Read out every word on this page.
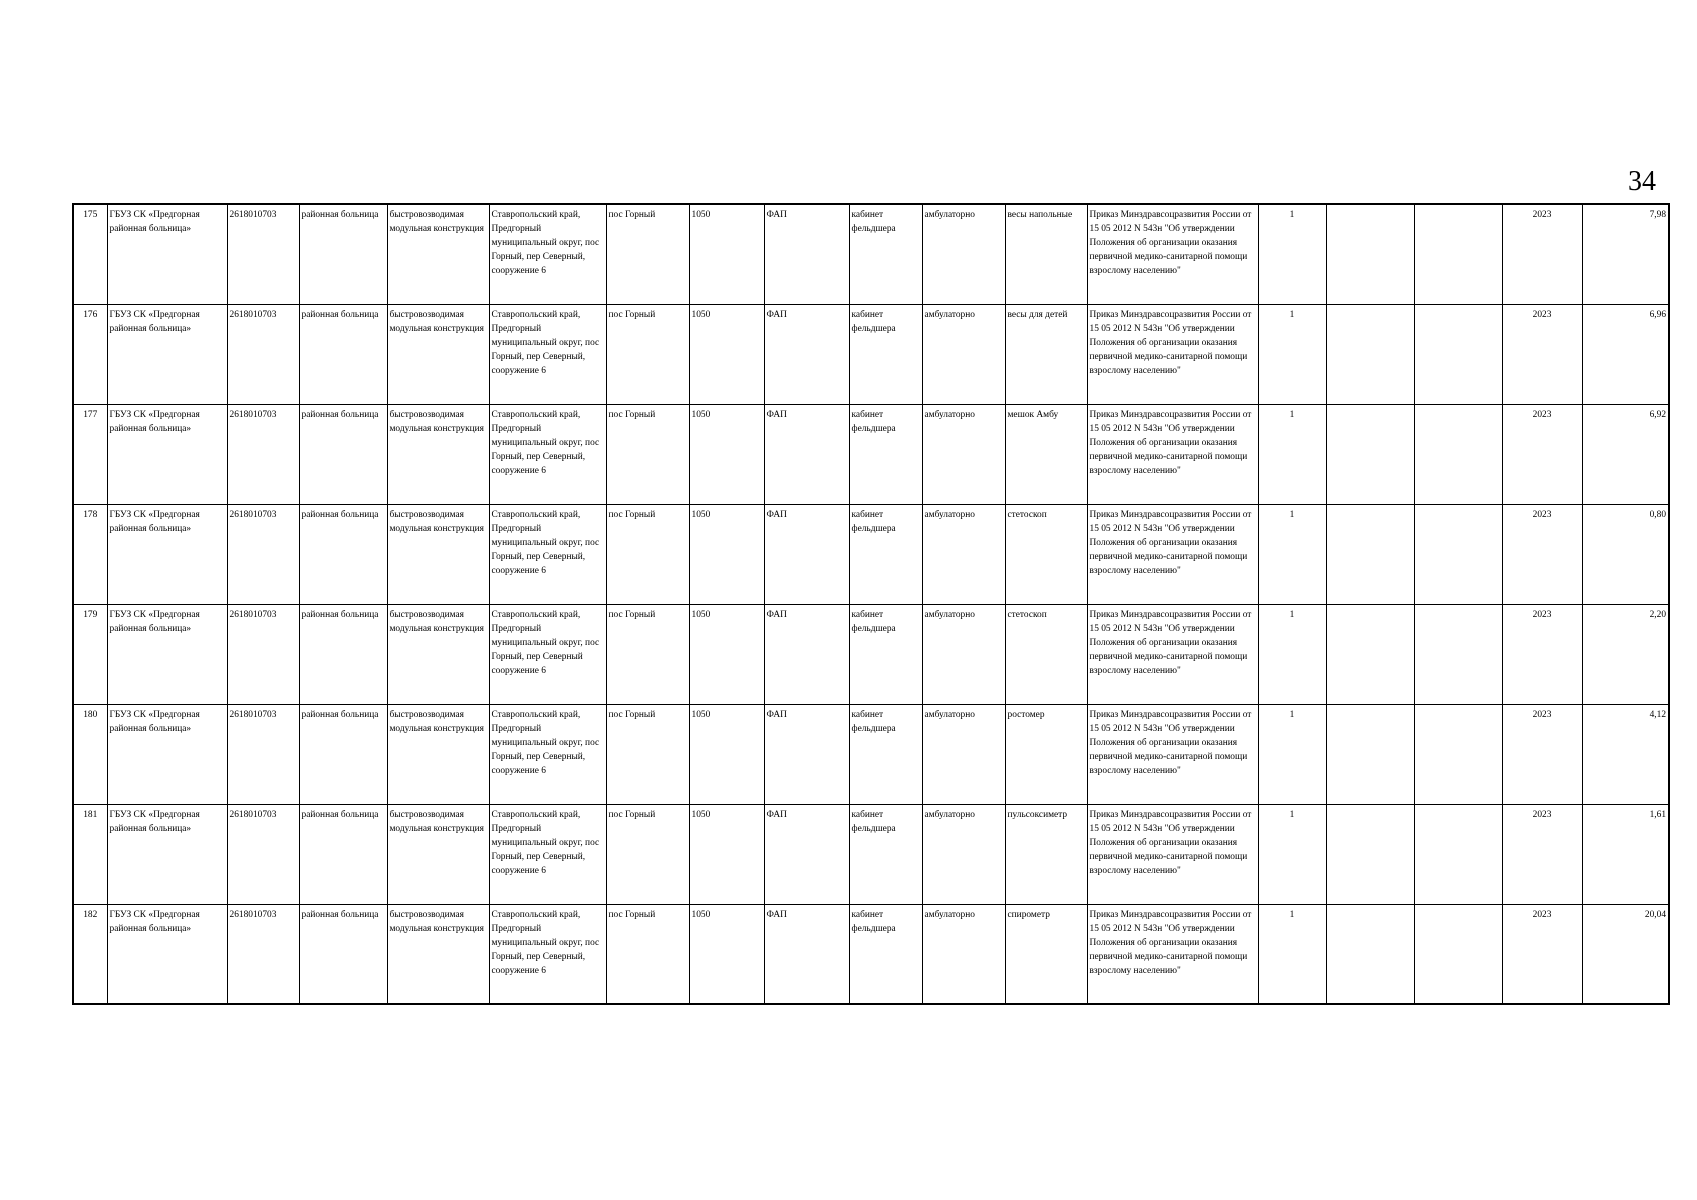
34
175	ГБУЗ СК «Предгорная районная больница»	2618010703	районная больница	быстровозводимая модульная конструкция	Ставропольский край, Предгорный муниципальный округ, пос Горный, пер Северный, сооружение 6	пос Горный	1050	ФАП	кабинет фельдшера	амбулаторно	весы напольные	Приказ Минздравсоцразвития России от 15 05 2012 N 543н "Об утверждении Положения об организации оказания первичной медико-санитарной помощи взрослому населению"	1			2023	7,98
176	ГБУЗ СК «Предгорная районная больница»	2618010703	районная больница	быстровозводимая модульная конструкция	Ставропольский край, Предгорный муниципальный округ, пос Горный, пер Северный, сооружение 6	пос Горный	1050	ФАП	кабинет фельдшера	амбулаторно	весы для детей	Приказ Минздравсоцразвития России от 15 05 2012 N 543н "Об утверждении Положения об организации оказания первичной медико-санитарной помощи взрослому населению"	1			2023	6,96
177	ГБУЗ СК «Предгорная районная больница»	2618010703	районная больница	быстровозводимая модульная конструкция	Ставропольский край, Предгорный муниципальный округ, пос Горный, пер Северный, сооружение 6	пос Горный	1050	ФАП	кабинет фельдшера	амбулаторно	мешок Амбу	Приказ Минздравсоцразвития России от 15 05 2012 N 543н "Об утверждении Положения об организации оказания первичной медико-санитарной помощи взрослому населению"	1			2023	6,92
178	ГБУЗ СК «Предгорная районная больница»	2618010703	районная больница	быстровозводимая модульная конструкция	Ставропольский край, Предгорный муниципальный округ, пос Горный, пер Северный, сооружение 6	пос Горный	1050	ФАП	кабинет фельдшера	амбулаторно	стетоскоп	Приказ Минздравсоцразвития России от 15 05 2012 N 543н "Об утверждении Положения об организации оказания первичной медико-санитарной помощи взрослому населению"	1			2023	0,80
179	ГБУЗ СК «Предгорная районная больница»	2618010703	районная больница	быстровозводимая модульная конструкция	Ставропольский край, Предгорный муниципальный округ, пос Горный, пер Северный сооружение 6	пос Горный	1050	ФАП	кабинет фельдшера	амбулаторно	стетоскоп	Приказ Минздравсоцразвития России от 15 05 2012 N 543н "Об утверждении Положения об организации оказания первичной медико-санитарной помощи взрослому населению"	1			2023	2,20
180	ГБУЗ СК «Предгорная районная больница»	2618010703	районная больница	быстровозводимая модульная конструкция	Ставропольский край, Предгорный муниципальный округ, пос Горный, пер Северный, сооружение 6	пос Горный	1050	ФАП	кабинет фельдшера	амбулаторно	ростомер	Приказ Минздравсоцразвития России от 15 05 2012 N 543н "Об утверждении Положения об организации оказания первичной медико-санитарной помощи взрослому населению"	1			2023	4,12
181	ГБУЗ СК «Предгорная районная больница»	2618010703	районная больница	быстровозводимая модульная конструкция	Ставропольский край, Предгорный муниципальный округ, пос Горный, пер Северный, сооружение 6	пос Горный	1050	ФАП	кабинет фельдшера	амбулаторно	пульсоксиметр	Приказ Минздравсоцразвития России от 15 05 2012 N 543н "Об утверждении Положения об организации оказания первичной медико-санитарной помощи взрослому населению"	1			2023	1,61
182	ГБУЗ СК «Предгорная районная больница»	2618010703	районная больница	быстровозводимая модульная конструкция	Ставропольский край, Предгорный муниципальный округ, пос Горный, пер Северный, сооружение 6	пос Горный	1050	ФАП	кабинет фельдшера	амбулаторно	спирометр	Приказ Минздравсоцразвития России от 15 05 2012 N 543н "Об утверждении Положения об организации оказания первичной медико-санитарной помощи взрослому населению"	1			2023	20,04
